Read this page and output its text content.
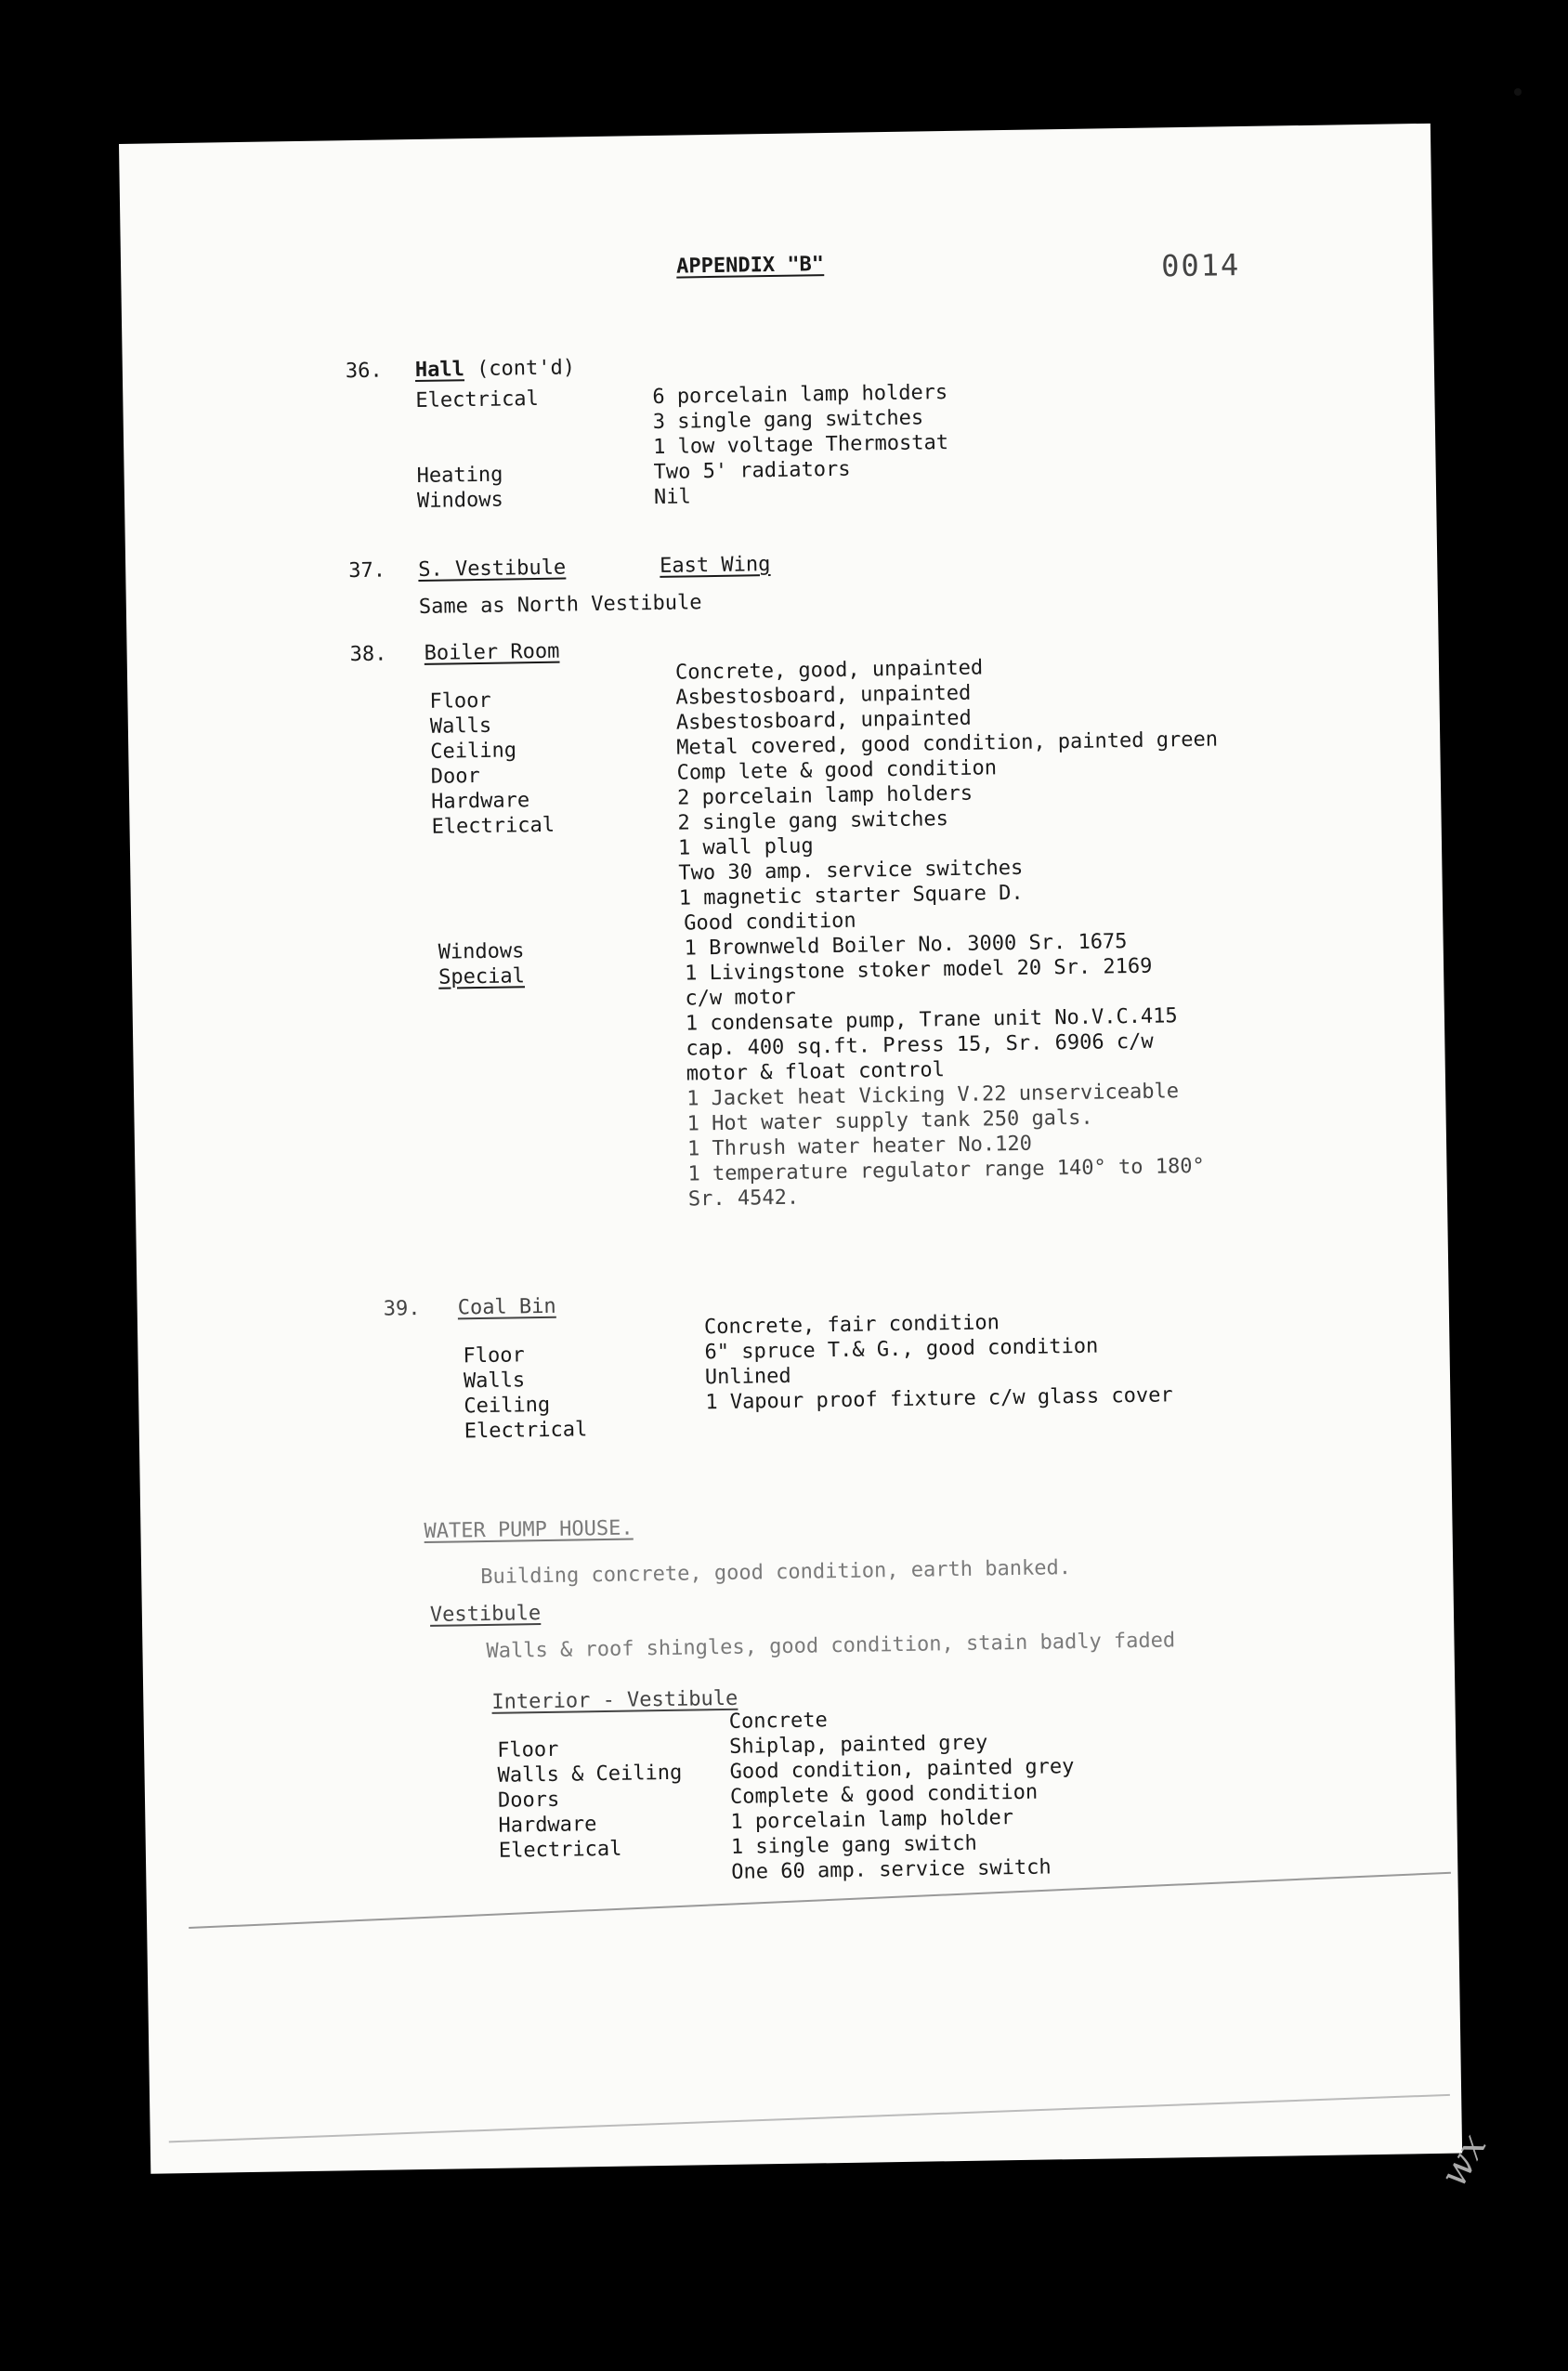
APPENDIX "B"	0014
36. Hall (cont'd)
Electrical

Heating
Windows
6 porcelain lamp holders
3 single gang switches
1 low voltage Thermostat
Two 5' radiators
Nil
37. S. Vestibule	East Wing
Same as North Vestibule
38. Boiler Room
Floor
Walls
Ceiling
Door
Hardware
Electrical
Concrete, good, unpainted
Asbestosboard, unpainted
Asbestosboard, unpainted
Metal covered, good condition, painted green
Comp lete & good condition
2 porcelain lamp holders
2 single gang switches
1 wall plug
Two 30 amp. service switches
1 magnetic starter Square D.
Windows
Special
Good condition
1 Brownweld Boiler No. 3000 Sr. 1675
1 Livingstone stoker model 20 Sr. 2169
c/w motor
1 condensate pump, Trane unit No.V.C.415
cap. 400 sq.ft. Press 15, Sr. 6906 c/w
motor & float control
1 Jacket heat Vicking V.22 unserviceable
1 Hot water supply tank 250 gals.
1 Thrush water heater No.120
1 temperature regulator range 140° to 180°
Sr. 4542.
39. Coal Bin
Floor
Walls
Ceiling
Electrical
Concrete, fair condition
6" spruce T.& G., good condition
Unlined
1 Vapour proof fixture c/w glass cover
WATER PUMP HOUSE.
Building concrete, good condition, earth banked.
Vestibule
Walls & roof shingles, good condition, stain badly faded
Interior - Vestibule
Floor
Walls & Ceiling
Doors
Hardware
Electrical
Concrete
Shiplap, painted grey
Good condition, painted grey
Complete & good condition
1 porcelain lamp holder
1 single gang switch
One 60 amp. service switch
wx
